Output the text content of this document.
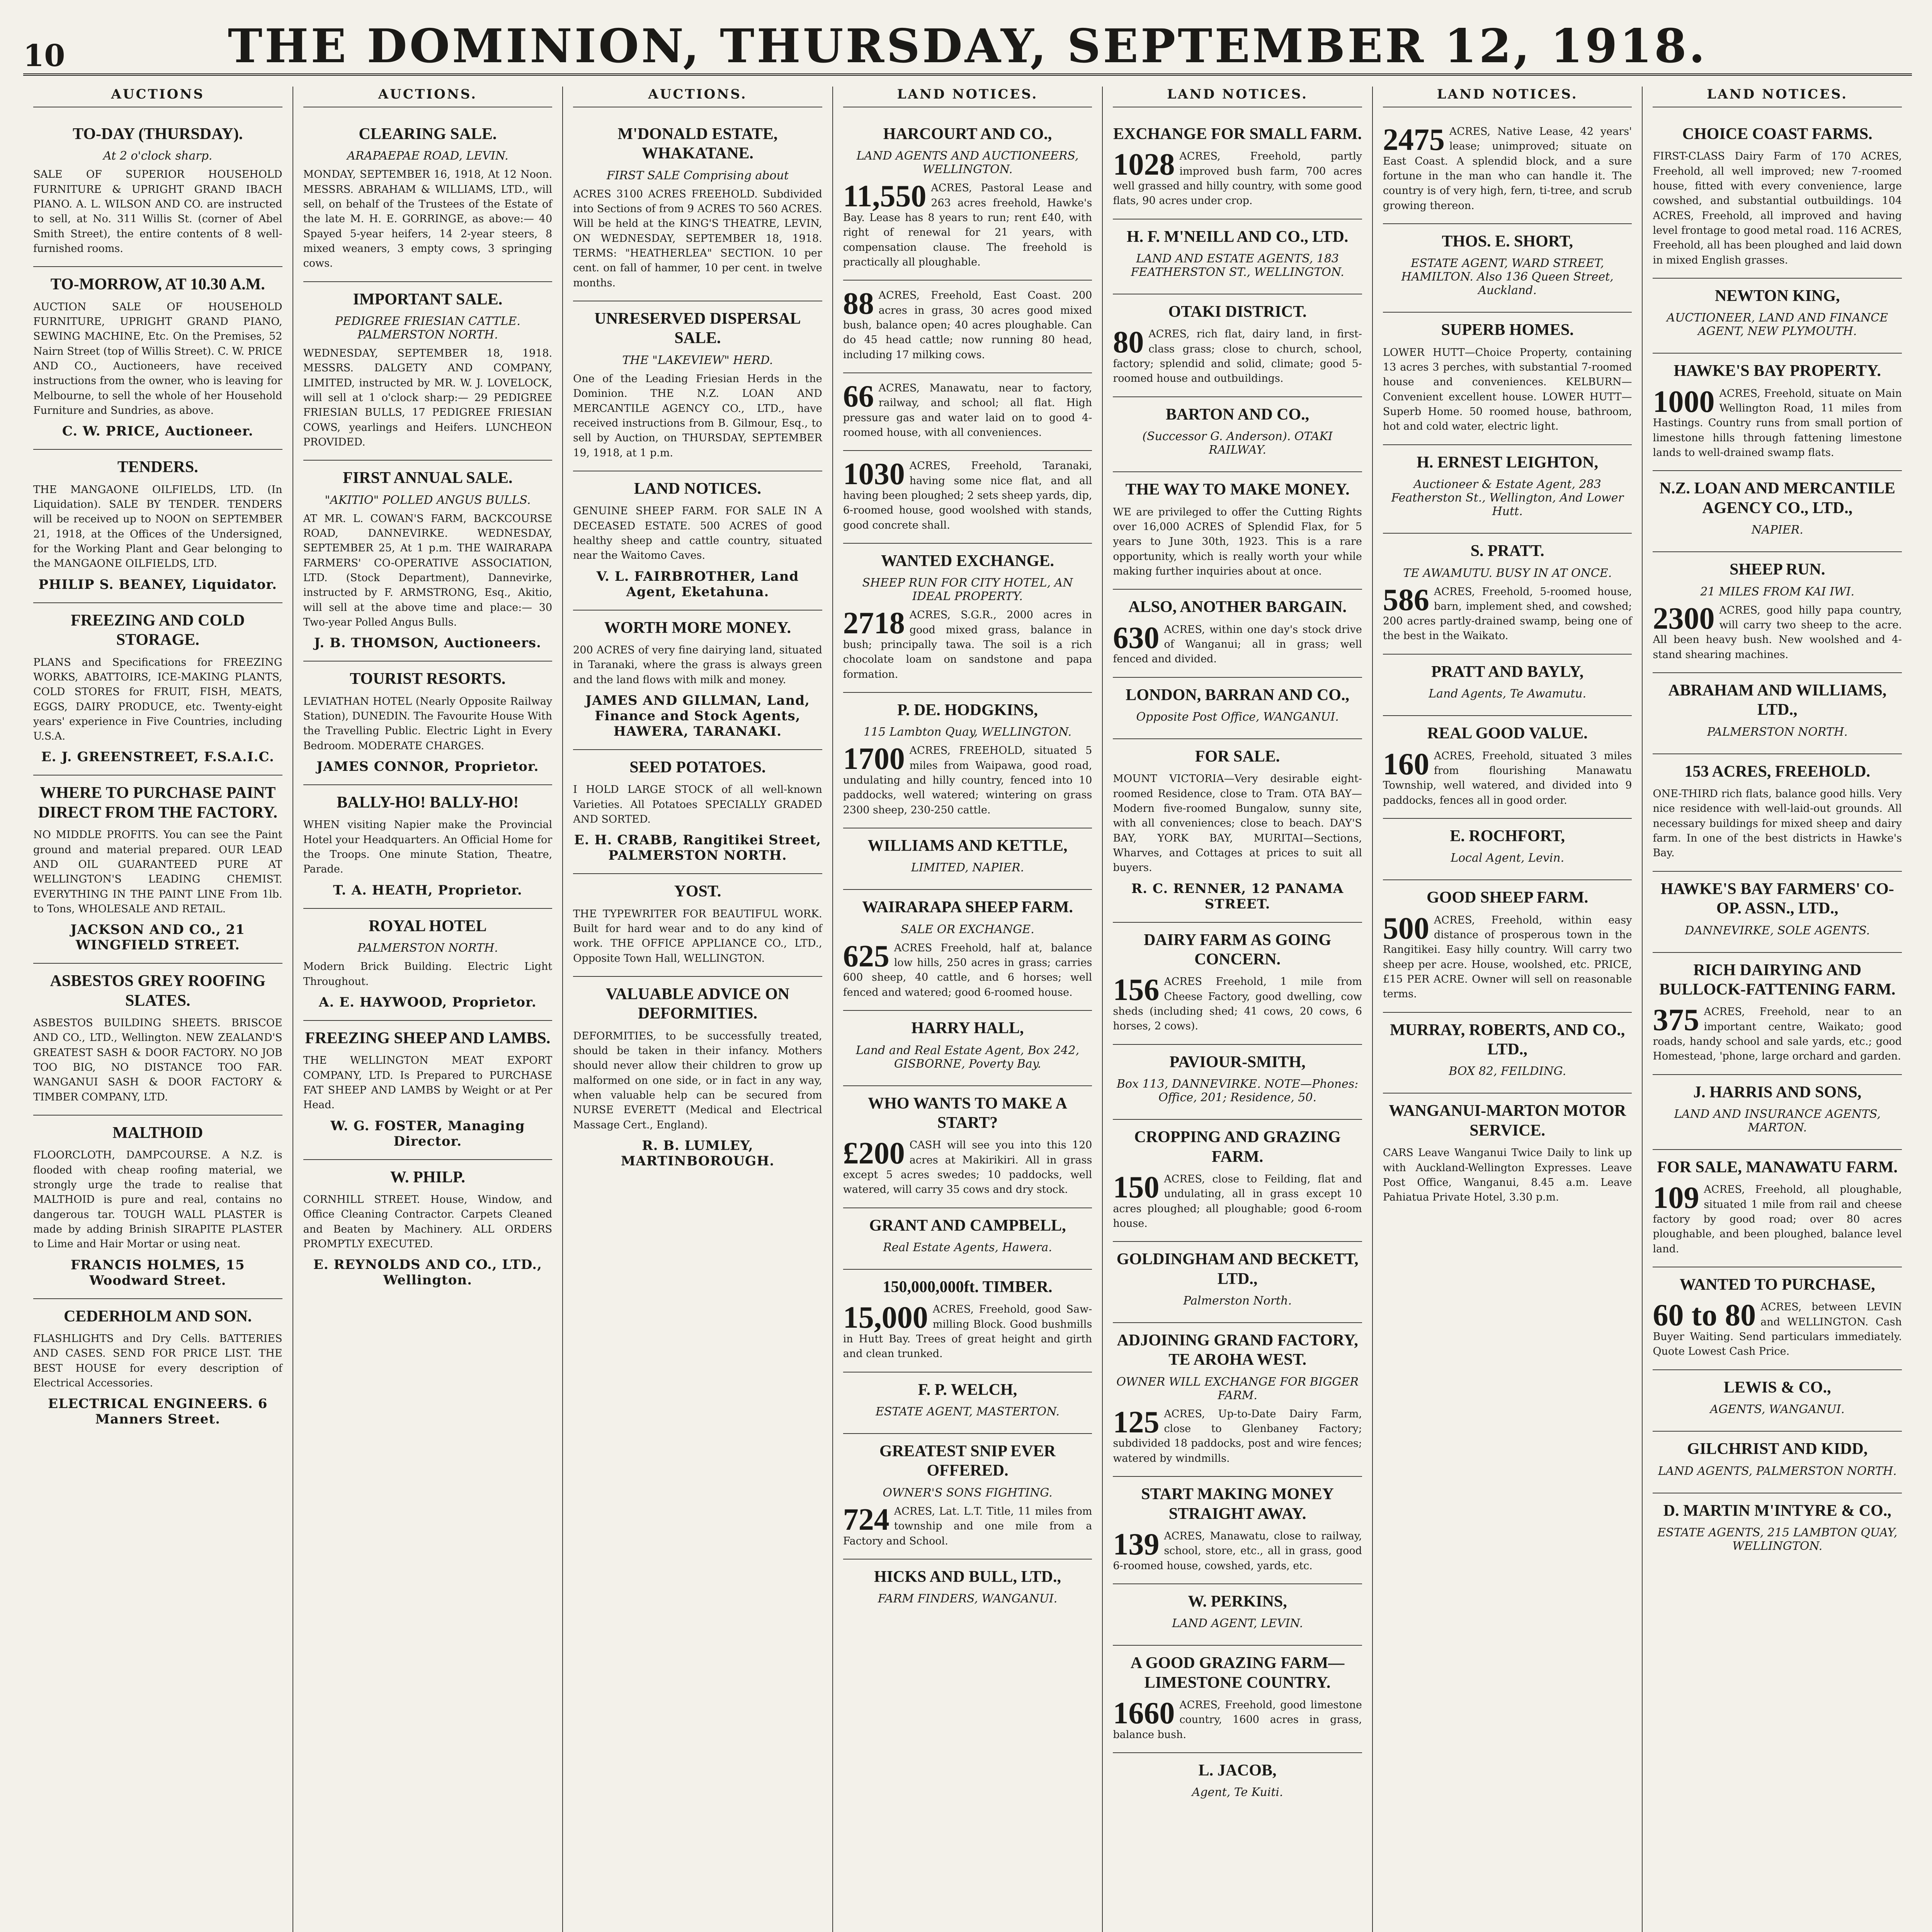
10	THE DOMINION, THURSDAY, SEPTEMBER 12, 1918.
AUCTIONS
TO-DAY (THURSDAY).
At 2 o'clock sharp.

SALE OF SUPERIOR HOUSEHOLD FURNITURE & UPRIGHT GRAND IBACH PIANO. A. L. WILSON AND CO. are instructed to sell, at No. 311 Willis St. (corner of Abel Smith Street), the entire contents of 8 well-furnished rooms.

TO-MORROW, AT 10.30 A.M.

AUCTION SALE OF HOUSEHOLD FURNITURE, UPRIGHT GRAND PIANO, SEWING MACHINE, Etc. On the Premises, 52 Nairn Street (top of Willis Street). C. W. PRICE AND CO., Auctioneers, have received instructions from the owner, who is leaving for Melbourne, to sell the whole of her Household Furniture and Sundries, as above.

C. W. PRICE, Auctioneer.
TENDERS.

THE MANGAONE OILFIELDS, LTD. (In Liquidation). SALE BY TENDER. TENDERS will be received up to NOON on SEPTEMBER 21, 1918, at the Offices of the Undersigned, for the Working Plant and Gear belonging to the MANGAONE OILFIELDS, LTD.

PHILIP S. BEANEY, Liquidator.
FREEZING AND COLD STORAGE.

PLANS and Specifications for FREEZING WORKS, ABATTOIRS, ICE-MAKING PLANTS, COLD STORES for FRUIT, FISH, MEATS, EGGS, DAIRY PRODUCE, etc. Twenty-eight years' experience in Five Countries, including U.S.A.

E. J. GREENSTREET, F.S.A.I.C.
WHERE TO PURCHASE PAINT DIRECT FROM THE FACTORY.

NO MIDDLE PROFITS. You can see the Paint ground and material prepared. OUR LEAD AND OIL GUARANTEED PURE AT WELLINGTON'S LEADING CHEMIST. EVERYTHING IN THE PAINT LINE From 1lb. to Tons, WHOLESALE AND RETAIL.

JACKSON AND CO., 21 WINGFIELD STREET.
ASBESTOS GREY ROOFING SLATES.

ASBESTOS BUILDING SHEETS. BRISCOE AND CO., LTD., Wellington. NEW ZEALAND'S GREATEST SASH & DOOR FACTORY. NO JOB TOO BIG, NO DISTANCE TOO FAR. WANGANUI SASH & DOOR FACTORY & TIMBER COMPANY, LTD.

MALTHOID

FLOORCLOTH, DAMPCOURSE. A N.Z. is flooded with cheap roofing material, we strongly urge the trade to realise that MALTHOID is pure and real, contains no dangerous tar. TOUGH WALL PLASTER is made by adding Brinish SIRAPITE PLASTER to Lime and Hair Mortar or using neat.

FRANCIS HOLMES, 15 Woodward Street.
CEDERHOLM AND SON.

FLASHLIGHTS and Dry Cells. BATTERIES AND CASES. SEND FOR PRICE LIST. THE BEST HOUSE for every description of Electrical Accessories.

ELECTRICAL ENGINEERS. 6 Manners Street.
AUCTIONS.
CLEARING SALE.
ARAPAEPAE ROAD, LEVIN.

MONDAY, SEPTEMBER 16, 1918, At 12 Noon. MESSRS. ABRAHAM & WILLIAMS, LTD., will sell, on behalf of the Trustees of the Estate of the late M. H. E. GORRINGE, as above:— 40 Spayed 5-year heifers, 14 2-year steers, 8 mixed weaners, 3 empty cows, 3 springing cows.

IMPORTANT SALE.
PEDIGREE FRIESIAN CATTLE. PALMERSTON NORTH.

WEDNESDAY, SEPTEMBER 18, 1918. MESSRS. DALGETY AND COMPANY, LIMITED, instructed by MR. W. J. LOVELOCK, will sell at 1 o'clock sharp:— 29 PEDIGREE FRIESIAN BULLS, 17 PEDIGREE FRIESIAN COWS, yearlings and Heifers. LUNCHEON PROVIDED.

FIRST ANNUAL SALE.
"AKITIO" POLLED ANGUS BULLS.

AT MR. L. COWAN'S FARM, BACKCOURSE ROAD, DANNEVIRKE. WEDNESDAY, SEPTEMBER 25, At 1 p.m. THE WAIRARAPA FARMERS' CO-OPERATIVE ASSOCIATION, LTD. (Stock Department), Dannevirke, instructed by F. ARMSTRONG, Esq., Akitio, will sell at the above time and place:— 30 Two-year Polled Angus Bulls.

J. B. THOMSON, Auctioneers.
TOURIST RESORTS.

LEVIATHAN HOTEL (Nearly Opposite Railway Station), DUNEDIN. The Favourite House With the Travelling Public. Electric Light in Every Bedroom. MODERATE CHARGES.

JAMES CONNOR, Proprietor.
BALLY-HO! BALLY-HO!

WHEN visiting Napier make the Provincial Hotel your Headquarters. An Official Home for the Troops. One minute Station, Theatre, Parade.

T. A. HEATH, Proprietor.
ROYAL HOTEL
PALMERSTON NORTH.

Modern Brick Building. Electric Light Throughout.

A. E. HAYWOOD, Proprietor.
FREEZING SHEEP AND LAMBS.

THE WELLINGTON MEAT EXPORT COMPANY, LTD. Is Prepared to PURCHASE FAT SHEEP AND LAMBS by Weight or at Per Head.

W. G. FOSTER, Managing Director.
W. PHILP.

CORNHILL STREET. House, Window, and Office Cleaning Contractor. Carpets Cleaned and Beaten by Machinery. ALL ORDERS PROMPTLY EXECUTED.

E. REYNOLDS AND CO., LTD., Wellington.
AUCTIONS.
M'DONALD ESTATE, WHAKATANE.
FIRST SALE Comprising about

ACRES 3100 ACRES FREEHOLD. Subdivided into Sections of from 9 ACRES TO 560 ACRES. Will be held at the KING'S THEATRE, LEVIN, ON WEDNESDAY, SEPTEMBER 18, 1918. TERMS: "HEATHERLEA" SECTION. 10 per cent. on fall of hammer, 10 per cent. in twelve months.

UNRESERVED DISPERSAL SALE.
THE "LAKEVIEW" HERD.

One of the Leading Friesian Herds in the Dominion. THE N.Z. LOAN AND MERCANTILE AGENCY CO., LTD., have received instructions from B. Gilmour, Esq., to sell by Auction, on THURSDAY, SEPTEMBER 19, 1918, at 1 p.m.

LAND NOTICES.

GENUINE SHEEP FARM. FOR SALE IN A DECEASED ESTATE. 500 ACRES of good healthy sheep and cattle country, situated near the Waitomo Caves.

V. L. FAIRBROTHER, Land Agent, Eketahuna.
WORTH MORE MONEY.

200 ACRES of very fine dairying land, situated in Taranaki, where the grass is always green and the land flows with milk and money.

JAMES AND GILLMAN, Land, Finance and Stock Agents, HAWERA, TARANAKI.
SEED POTATOES.

I HOLD LARGE STOCK of all well-known Varieties. All Potatoes SPECIALLY GRADED AND SORTED.

E. H. CRABB, Rangitikei Street, PALMERSTON NORTH.
YOST.

THE TYPEWRITER FOR BEAUTIFUL WORK. Built for hard wear and to do any kind of work. THE OFFICE APPLIANCE CO., LTD., Opposite Town Hall, WELLINGTON.

VALUABLE ADVICE ON DEFORMITIES.

DEFORMITIES, to be successfully treated, should be taken in their infancy. Mothers should never allow their children to grow up malformed on one side, or in fact in any way, when valuable help can be secured from NURSE EVERETT (Medical and Electrical Massage Cert., England).

R. B. LUMLEY, MARTINBOROUGH.
LAND NOTICES.
HARCOURT AND CO.,
LAND AGENTS AND AUCTIONEERS, WELLINGTON.
11,550 ACRES, Pastoral Lease and 263 acres freehold, Hawke's Bay. Lease has 8 years to run; rent £40, with right of renewal for 21 years, with compensation clause. The freehold is practically all ploughable.

88 ACRES, Freehold, East Coast. 200 acres in grass, 30 acres good mixed bush, balance open; 40 acres ploughable. Can do 45 head cattle; now running 80 head, including 17 milking cows.

66 ACRES, Manawatu, near to factory, railway, and school; all flat. High pressure gas and water laid on to good 4-roomed house, with all conveniences.

1030 ACRES, Freehold, Taranaki, having some nice flat, and all having been ploughed; 2 sets sheep yards, dip, 6-roomed house, good woolshed with stands, good concrete shall.

WANTED EXCHANGE.
SHEEP RUN FOR CITY HOTEL, AN IDEAL PROPERTY.
2718 ACRES, S.G.R., 2000 acres in good mixed grass, balance in bush; principally tawa. The soil is a rich chocolate loam on sandstone and papa formation.

P. DE. HODGKINS,
115 Lambton Quay, WELLINGTON.
1700 ACRES, FREEHOLD, situated 5 miles from Waipawa, good road, undulating and hilly country, fenced into 10 paddocks, well watered; wintering on grass 2300 sheep, 230-250 cattle.

WILLIAMS AND KETTLE,
LIMITED, NAPIER.
WAIRARAPA SHEEP FARM.
SALE OR EXCHANGE.
625 ACRES Freehold, half at, balance low hills, 250 acres in grass; carries 600 sheep, 40 cattle, and 6 horses; well fenced and watered; good 6-roomed house.

HARRY HALL,
Land and Real Estate Agent, Box 242, GISBORNE, Poverty Bay.
WHO WANTS TO MAKE A START?
£200 CASH will see you into this 120 acres at Makirikiri. All in grass except 5 acres swedes; 10 paddocks, well watered, will carry 35 cows and dry stock.

GRANT AND CAMPBELL,
Real Estate Agents, Hawera.
150,000,000ft. TIMBER.
15,000 ACRES, Freehold, good Saw-milling Block. Good bushmills in Hutt Bay. Trees of great height and girth and clean trunked.

F. P. WELCH,
ESTATE AGENT, MASTERTON.
GREATEST SNIP EVER OFFERED.
OWNER'S SONS FIGHTING.
724 ACRES, Lat. L.T. Title, 11 miles from township and one mile from a Factory and School.

HICKS AND BULL, LTD.,
FARM FINDERS, WANGANUI.
LAND NOTICES.
EXCHANGE FOR SMALL FARM.
1028 ACRES, Freehold, partly improved bush farm, 700 acres well grassed and hilly country, with some good flats, 90 acres under crop.

H. F. M'NEILL AND CO., LTD.
LAND AND ESTATE AGENTS, 183 FEATHERSTON ST., WELLINGTON.
OTAKI DISTRICT.
80 ACRES, rich flat, dairy land, in first-class grass; close to church, school, factory; splendid and solid, climate; good 5-roomed house and outbuildings.

BARTON AND CO.,
(Successor G. Anderson). OTAKI RAILWAY.
THE WAY TO MAKE MONEY.

WE are privileged to offer the Cutting Rights over 16,000 ACRES of Splendid Flax, for 5 years to June 30th, 1923. This is a rare opportunity, which is really worth your while making further inquiries about at once.

ALSO, ANOTHER BARGAIN.
630 ACRES, within one day's stock drive of Wanganui; all in grass; well fenced and divided.

LONDON, BARRAN AND CO.,
Opposite Post Office, WANGANUI.
FOR SALE.

MOUNT VICTORIA—Very desirable eight-roomed Residence, close to Tram. OTA BAY—Modern five-roomed Bungalow, sunny site, with all conveniences; close to beach. DAY'S BAY, YORK BAY, MURITAI—Sections, Wharves, and Cottages at prices to suit all buyers.

R. C. RENNER, 12 PANAMA STREET.
DAIRY FARM AS GOING CONCERN.
156 ACRES Freehold, 1 mile from Cheese Factory, good dwelling, cow sheds (including shed; 41 cows, 20 cows, 6 horses, 2 cows).

PAVIOUR-SMITH,
Box 113, DANNEVIRKE. NOTE—Phones: Office, 201; Residence, 50.
CROPPING AND GRAZING FARM.
150 ACRES, close to Feilding, flat and undulating, all in grass except 10 acres ploughed; all ploughable; good 6-room house.

GOLDINGHAM AND BECKETT, LTD.,
Palmerston North.
ADJOINING GRAND FACTORY, TE AROHA WEST.
OWNER WILL EXCHANGE FOR BIGGER FARM.
125 ACRES, Up-to-Date Dairy Farm, close to Glenbaney Factory; subdivided 18 paddocks, post and wire fences; watered by windmills.

START MAKING MONEY STRAIGHT AWAY.
139 ACRES, Manawatu, close to railway, school, store, etc., all in grass, good 6-roomed house, cowshed, yards, etc.

W. PERKINS,
LAND AGENT, LEVIN.
A GOOD GRAZING FARM—LIMESTONE COUNTRY.
1660 ACRES, Freehold, good limestone country, 1600 acres in grass, balance bush.

L. JACOB,
Agent, Te Kuiti.
LAND NOTICES.
2475 ACRES, Native Lease, 42 years' lease; unimproved; situate on East Coast. A splendid block, and a sure fortune in the man who can handle it. The country is of very high, fern, ti-tree, and scrub growing thereon.

THOS. E. SHORT,
ESTATE AGENT, WARD STREET, HAMILTON. Also 136 Queen Street, Auckland.
SUPERB HOMES.

LOWER HUTT—Choice Property, containing 13 acres 3 perches, with substantial 7-roomed house and conveniences. KELBURN—Convenient excellent house. LOWER HUTT—Superb Home. 50 roomed house, bathroom, hot and cold water, electric light.

H. ERNEST LEIGHTON,
Auctioneer & Estate Agent, 283 Featherston St., Wellington, And Lower Hutt.
S. PRATT.
TE AWAMUTU. BUSY IN AT ONCE.
586 ACRES, Freehold, 5-roomed house, barn, implement shed, and cowshed; 200 acres partly-drained swamp, being one of the best in the Waikato.

PRATT AND BAYLY,
Land Agents, Te Awamutu.
REAL GOOD VALUE.
160 ACRES, Freehold, situated 3 miles from flourishing Manawatu Township, well watered, and divided into 9 paddocks, fences all in good order.

E. ROCHFORT,
Local Agent, Levin.
GOOD SHEEP FARM.
500 ACRES, Freehold, within easy distance of prosperous town in the Rangitikei. Easy hilly country. Will carry two sheep per acre. House, woolshed, etc. PRICE, £15 PER ACRE. Owner will sell on reasonable terms.

MURRAY, ROBERTS, AND CO., LTD.,
BOX 82, FEILDING.
WANGANUI-MARTON MOTOR SERVICE.

CARS Leave Wanganui Twice Daily to link up with Auckland-Wellington Expresses. Leave Post Office, Wanganui, 8.45 a.m. Leave Pahiatua Private Hotel, 3.30 p.m.

LAND NOTICES.
CHOICE COAST FARMS.

FIRST-CLASS Dairy Farm of 170 ACRES, Freehold, all well improved; new 7-roomed house, fitted with every convenience, large cowshed, and substantial outbuildings. 104 ACRES, Freehold, all improved and having level frontage to good metal road. 116 ACRES, Freehold, all has been ploughed and laid down in mixed English grasses.

NEWTON KING,
AUCTIONEER, LAND AND FINANCE AGENT, NEW PLYMOUTH.
HAWKE'S BAY PROPERTY.
1000 ACRES, Freehold, situate on Main Wellington Road, 11 miles from Hastings. Country runs from small portion of limestone hills through fattening limestone lands to well-drained swamp flats.

N.Z. LOAN AND MERCANTILE AGENCY CO., LTD.,
NAPIER.
SHEEP RUN.
21 MILES FROM KAI IWI.
2300 ACRES, good hilly papa country, will carry two sheep to the acre. All been heavy bush. New woolshed and 4-stand shearing machines.

ABRAHAM AND WILLIAMS, LTD.,
PALMERSTON NORTH.
153 ACRES, FREEHOLD.

ONE-THIRD rich flats, balance good hills. Very nice residence with well-laid-out grounds. All necessary buildings for mixed sheep and dairy farm. In one of the best districts in Hawke's Bay.

HAWKE'S BAY FARMERS' CO-OP. ASSN., LTD.,
DANNEVIRKE, SOLE AGENTS.
RICH DAIRYING AND BULLOCK-FATTENING FARM.
375 ACRES, Freehold, near to an important centre, Waikato; good roads, handy school and sale yards, etc.; good Homestead, 'phone, large orchard and garden.

J. HARRIS AND SONS,
LAND AND INSURANCE AGENTS, MARTON.
FOR SALE, MANAWATU FARM.
109 ACRES, Freehold, all ploughable, situated 1 mile from rail and cheese factory by good road; over 80 acres ploughable, and been ploughed, balance level land.

WANTED TO PURCHASE,
60 to 80 ACRES, between LEVIN and WELLINGTON. Cash Buyer Waiting. Send particulars immediately. Quote Lowest Cash Price.

LEWIS & CO.,
AGENTS, WANGANUI.
GILCHRIST AND KIDD,
LAND AGENTS, PALMERSTON NORTH.
D. MARTIN M'INTYRE & CO.,
ESTATE AGENTS, 215 LAMBTON QUAY, WELLINGTON.
